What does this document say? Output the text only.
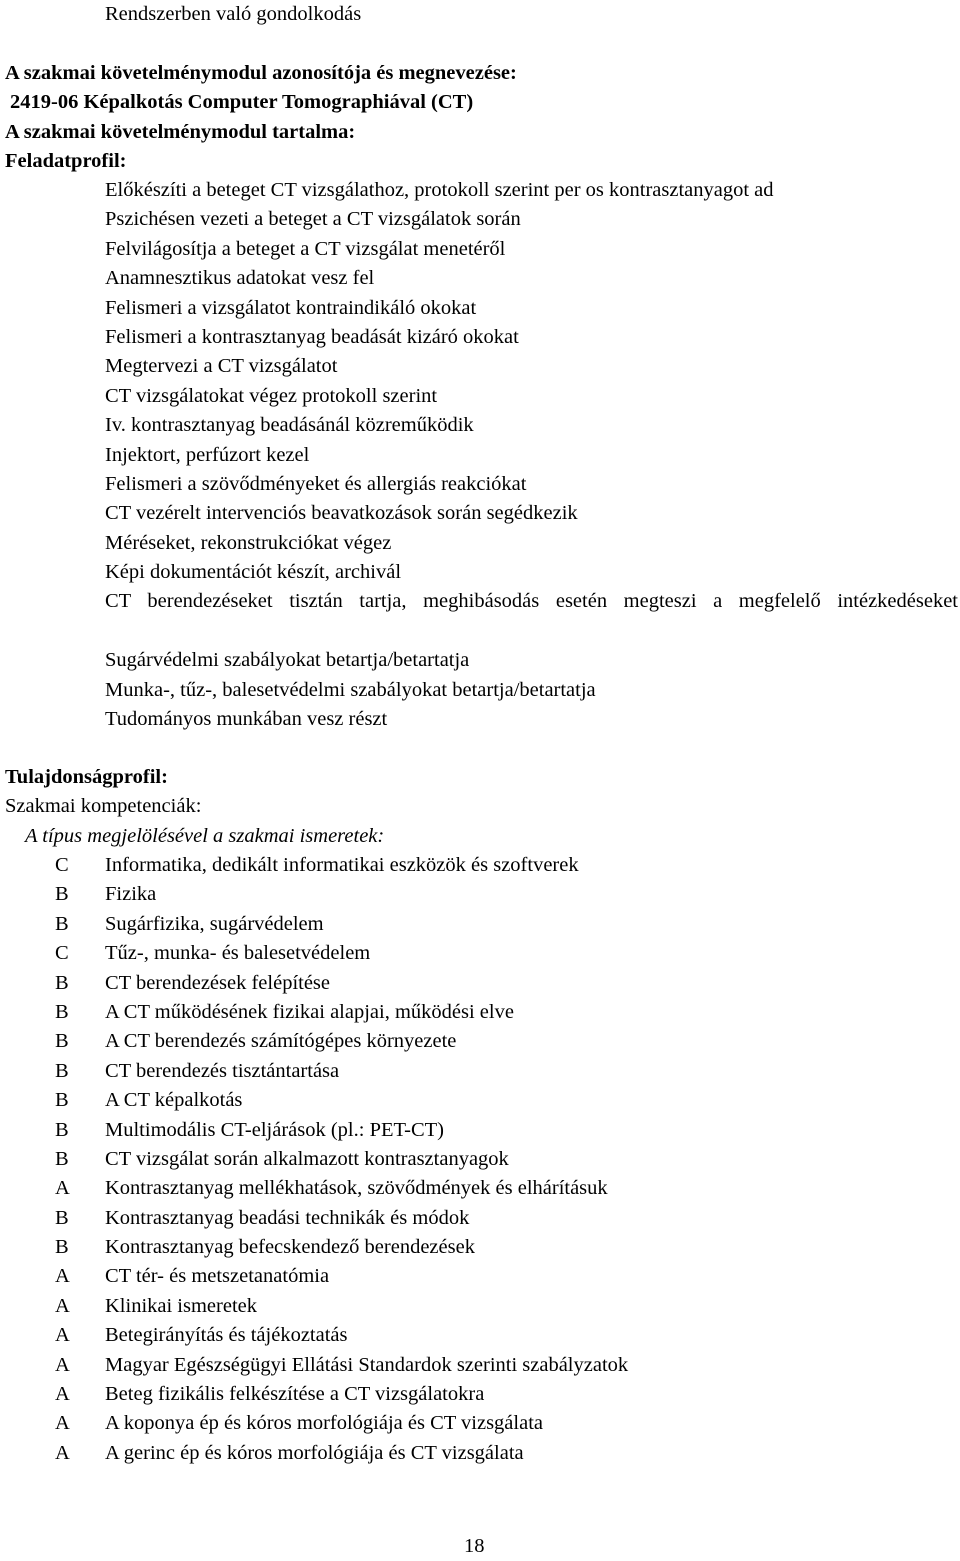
Rendszerben való gondolkodás
A szakmai követelménymodul azonosítója és megnevezése:
2419-06 Képalkotás Computer Tomographiával (CT)
A szakmai követelménymodul tartalma:
Feladatprofil:
Előkészíti a beteget CT vizsgálathoz, protokoll szerint per os kontrasztanyagot ad
Pszichésen vezeti a beteget a CT vizsgálatok során
Felvilágosítja a beteget a CT vizsgálat menetéről
Anamnesztikus adatokat vesz fel
Felismeri a vizsgálatot kontraindikáló okokat
Felismeri a kontrasztanyag beadását kizáró okokat
Megtervezi a CT vizsgálatot
CT vizsgálatokat végez protokoll szerint
Iv. kontrasztanyag beadásánál közreműködik
Injektort, perfúzort kezel
Felismeri a szövődményeket és allergiás reakciókat
CT vezérelt intervenciós beavatkozások során segédkezik
Méréseket, rekonstrukciókat végez
Képi dokumentációt készít, archivál
CT berendezéseket tisztán tartja, meghibásodás esetén megteszi a megfelelő intézkedéseket
Sugárvédelmi szabályokat betartja/betartatja
Munka-, tűz-, balesetvédelmi szabályokat betartja/betartatja
Tudományos munkában vesz részt
Tulajdonságprofil:
Szakmai kompetenciák:
A típus megjelölésével a szakmai ismeretek:
C Informatika, dedikált informatikai eszközök és szoftverek
B Fizika
B Sugárfizika, sugárvédelem
C Tűz-, munka- és balesetvédelem
B CT berendezések felépítése
B A CT működésének fizikai alapjai, működési elve
B A CT berendezés számítógépes környezete
B CT berendezés tisztántartása
B A CT képalkotás
B Multimodális CT-eljárások (pl.: PET-CT)
B CT vizsgálat során alkalmazott kontrasztanyagok
A Kontrasztanyag mellékhatások, szövődmények és elhárításuk
B Kontrasztanyag beadási technikák és módok
B Kontrasztanyag befecskendező berendezések
A CT tér- és metszetanatómia
A Klinikai ismeretek
A Betegirányítás és tájékoztatás
A Magyar Egészségügyi Ellátási Standardok szerinti szabályzatok
A Beteg fizikális felkészítése a CT vizsgálatokra
A A koponya ép és kóros morfológiája és CT vizsgálata
A A gerinc ép és kóros morfológiája és CT vizsgálata
18
